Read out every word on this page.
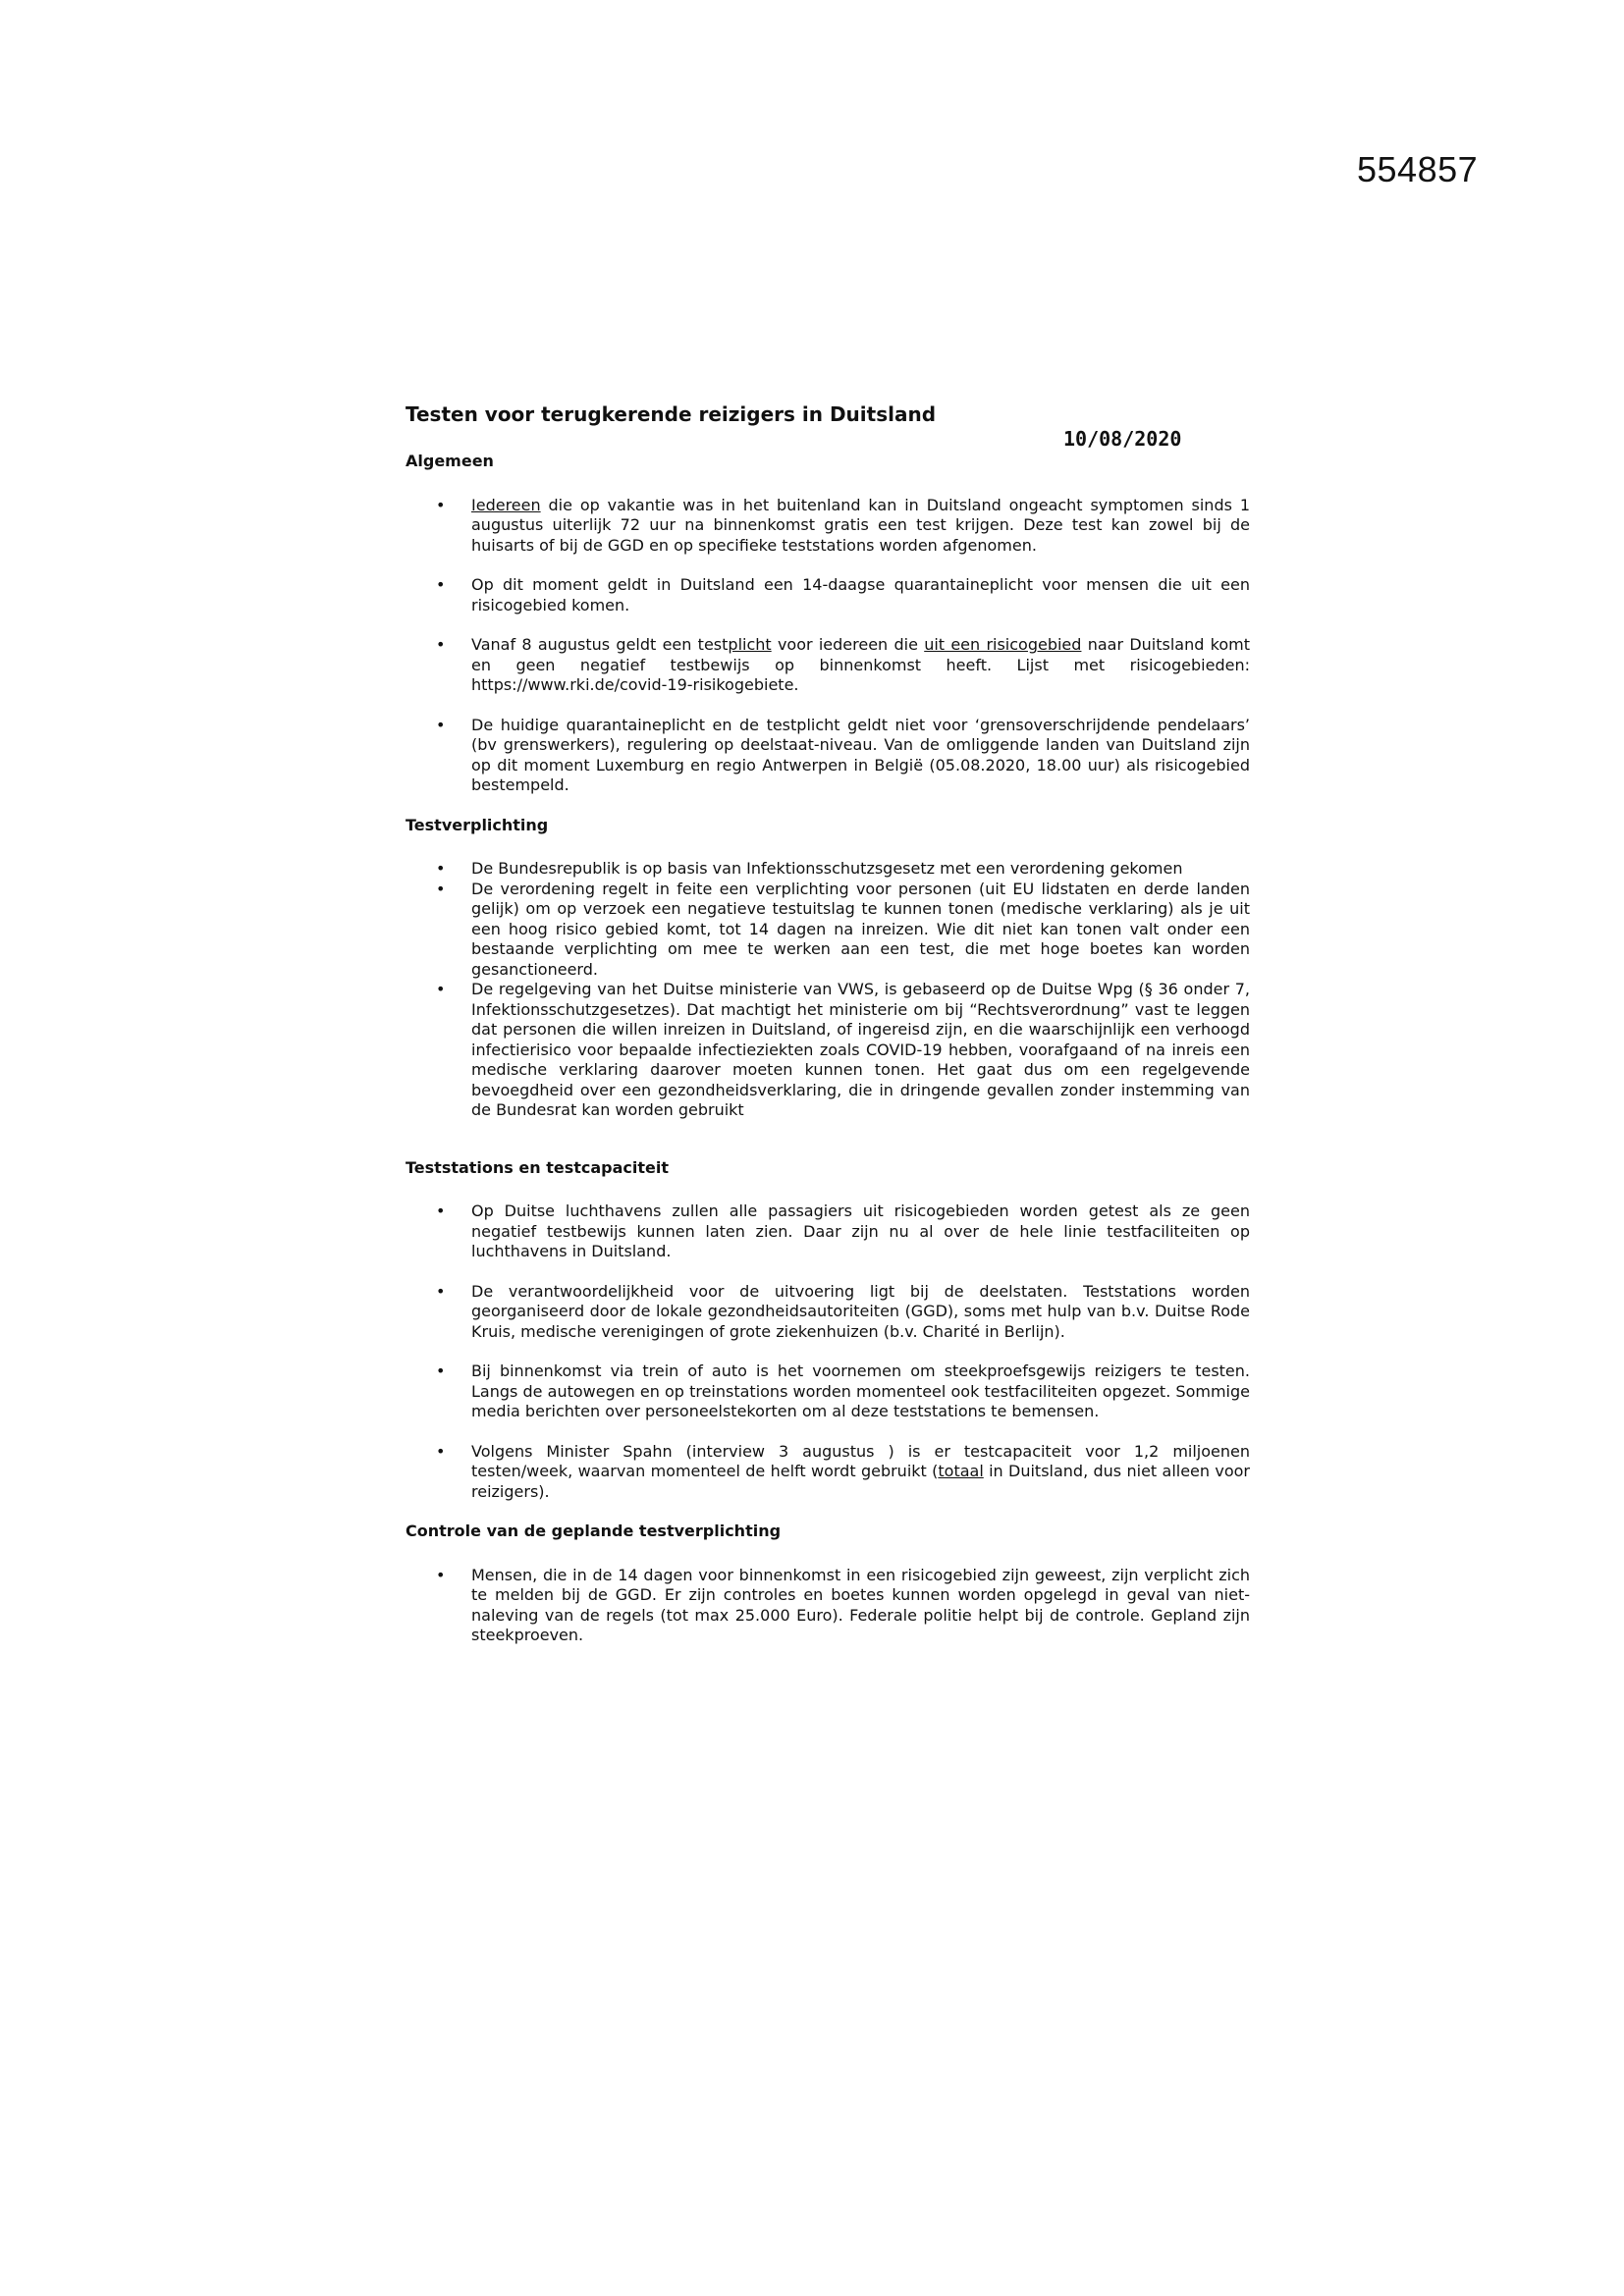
554857
Testen voor terugkerende reizigers in Duitsland
10/08/2020
Algemeen
• Iedereen die op vakantie was in het buitenland kan in Duitsland ongeacht symptomen sinds 1 augustus uiterlijk 72 uur na binnenkomst gratis een test krijgen. Deze test kan zowel bij de huisarts of bij de GGD en op specifieke teststations worden afgenomen.
• Op dit moment geldt in Duitsland een 14-daagse quarantaineplicht voor mensen die uit een risicogebied komen.
• Vanaf 8 augustus geldt een testplicht voor iedereen die uit een risicogebied naar Duitsland komt en geen negatief testbewijs op binnenkomst heeft. Lijst met risicogebieden: https://www.rki.de/covid-19-risikogebiete.
• De huidige quarantaineplicht en de testplicht geldt niet voor ‘grensoverschrijdende pendelaars’ (bv grenswerkers), regulering op deelstaat-niveau. Van de omliggende landen van Duitsland zijn op dit moment Luxemburg en regio Antwerpen in België (05.08.2020, 18.00 uur) als risicogebied bestempeld.
Testverplichting
• De Bundesrepublik is op basis van Infektionsschutzsgesetz met een verordening gekomen
• De verordening regelt in feite een verplichting voor personen (uit EU lidstaten en derde landen gelijk) om op verzoek een negatieve testuitslag te kunnen tonen (medische verklaring) als je uit een hoog risico gebied komt, tot 14 dagen na inreizen. Wie dit niet kan tonen valt onder een bestaande verplichting om mee te werken aan een test, die met hoge boetes kan worden gesanctioneerd.
• De regelgeving van het Duitse ministerie van VWS, is gebaseerd op de Duitse Wpg (§ 36 onder 7, Infektionsschutzgesetzes). Dat machtigt het ministerie om bij “Rechtsverordnung” vast te leggen dat personen die willen inreizen in Duitsland, of ingereisd zijn, en die waarschijnlijk een verhoogd infectierisico voor bepaalde infectieziekten zoals COVID-19 hebben, voorafgaand of na inreis een medische verklaring daarover moeten kunnen tonen. Het gaat dus om een regelgevende bevoegdheid over een gezondheidsverklaring, die in dringende gevallen zonder instemming van de Bundesrat kan worden gebruikt
Teststations en testcapaciteit
• Op Duitse luchthavens zullen alle passagiers uit risicogebieden worden getest als ze geen negatief testbewijs kunnen laten zien. Daar zijn nu al over de hele linie testfaciliteiten op luchthavens in Duitsland.
• De verantwoordelijkheid voor de uitvoering ligt bij de deelstaten. Teststations worden georganiseerd door de lokale gezondheidsautoriteiten (GGD), soms met hulp van b.v. Duitse Rode Kruis, medische verenigingen of grote ziekenhuizen (b.v. Charité in Berlijn).
• Bij binnenkomst via trein of auto is het voornemen om steekproefsgewijs reizigers te testen. Langs de autowegen en op treinstations worden momenteel ook testfaciliteiten opgezet. Sommige media berichten over personeelstekorten om al deze teststations te bemensen.
• Volgens Minister Spahn (interview 3 augustus ) is er testcapaciteit voor 1,2 miljoenen testen/week, waarvan momenteel de helft wordt gebruikt (totaal in Duitsland, dus niet alleen voor reizigers).
Controle van de geplande testverplichting
• Mensen, die in de 14 dagen voor binnenkomst in een risicogebied zijn geweest, zijn verplicht zich te melden bij de GGD. Er zijn controles en boetes kunnen worden opgelegd in geval van niet-naleving van de regels (tot max 25.000 Euro). Federale politie helpt bij de controle. Gepland zijn steekproeven.
